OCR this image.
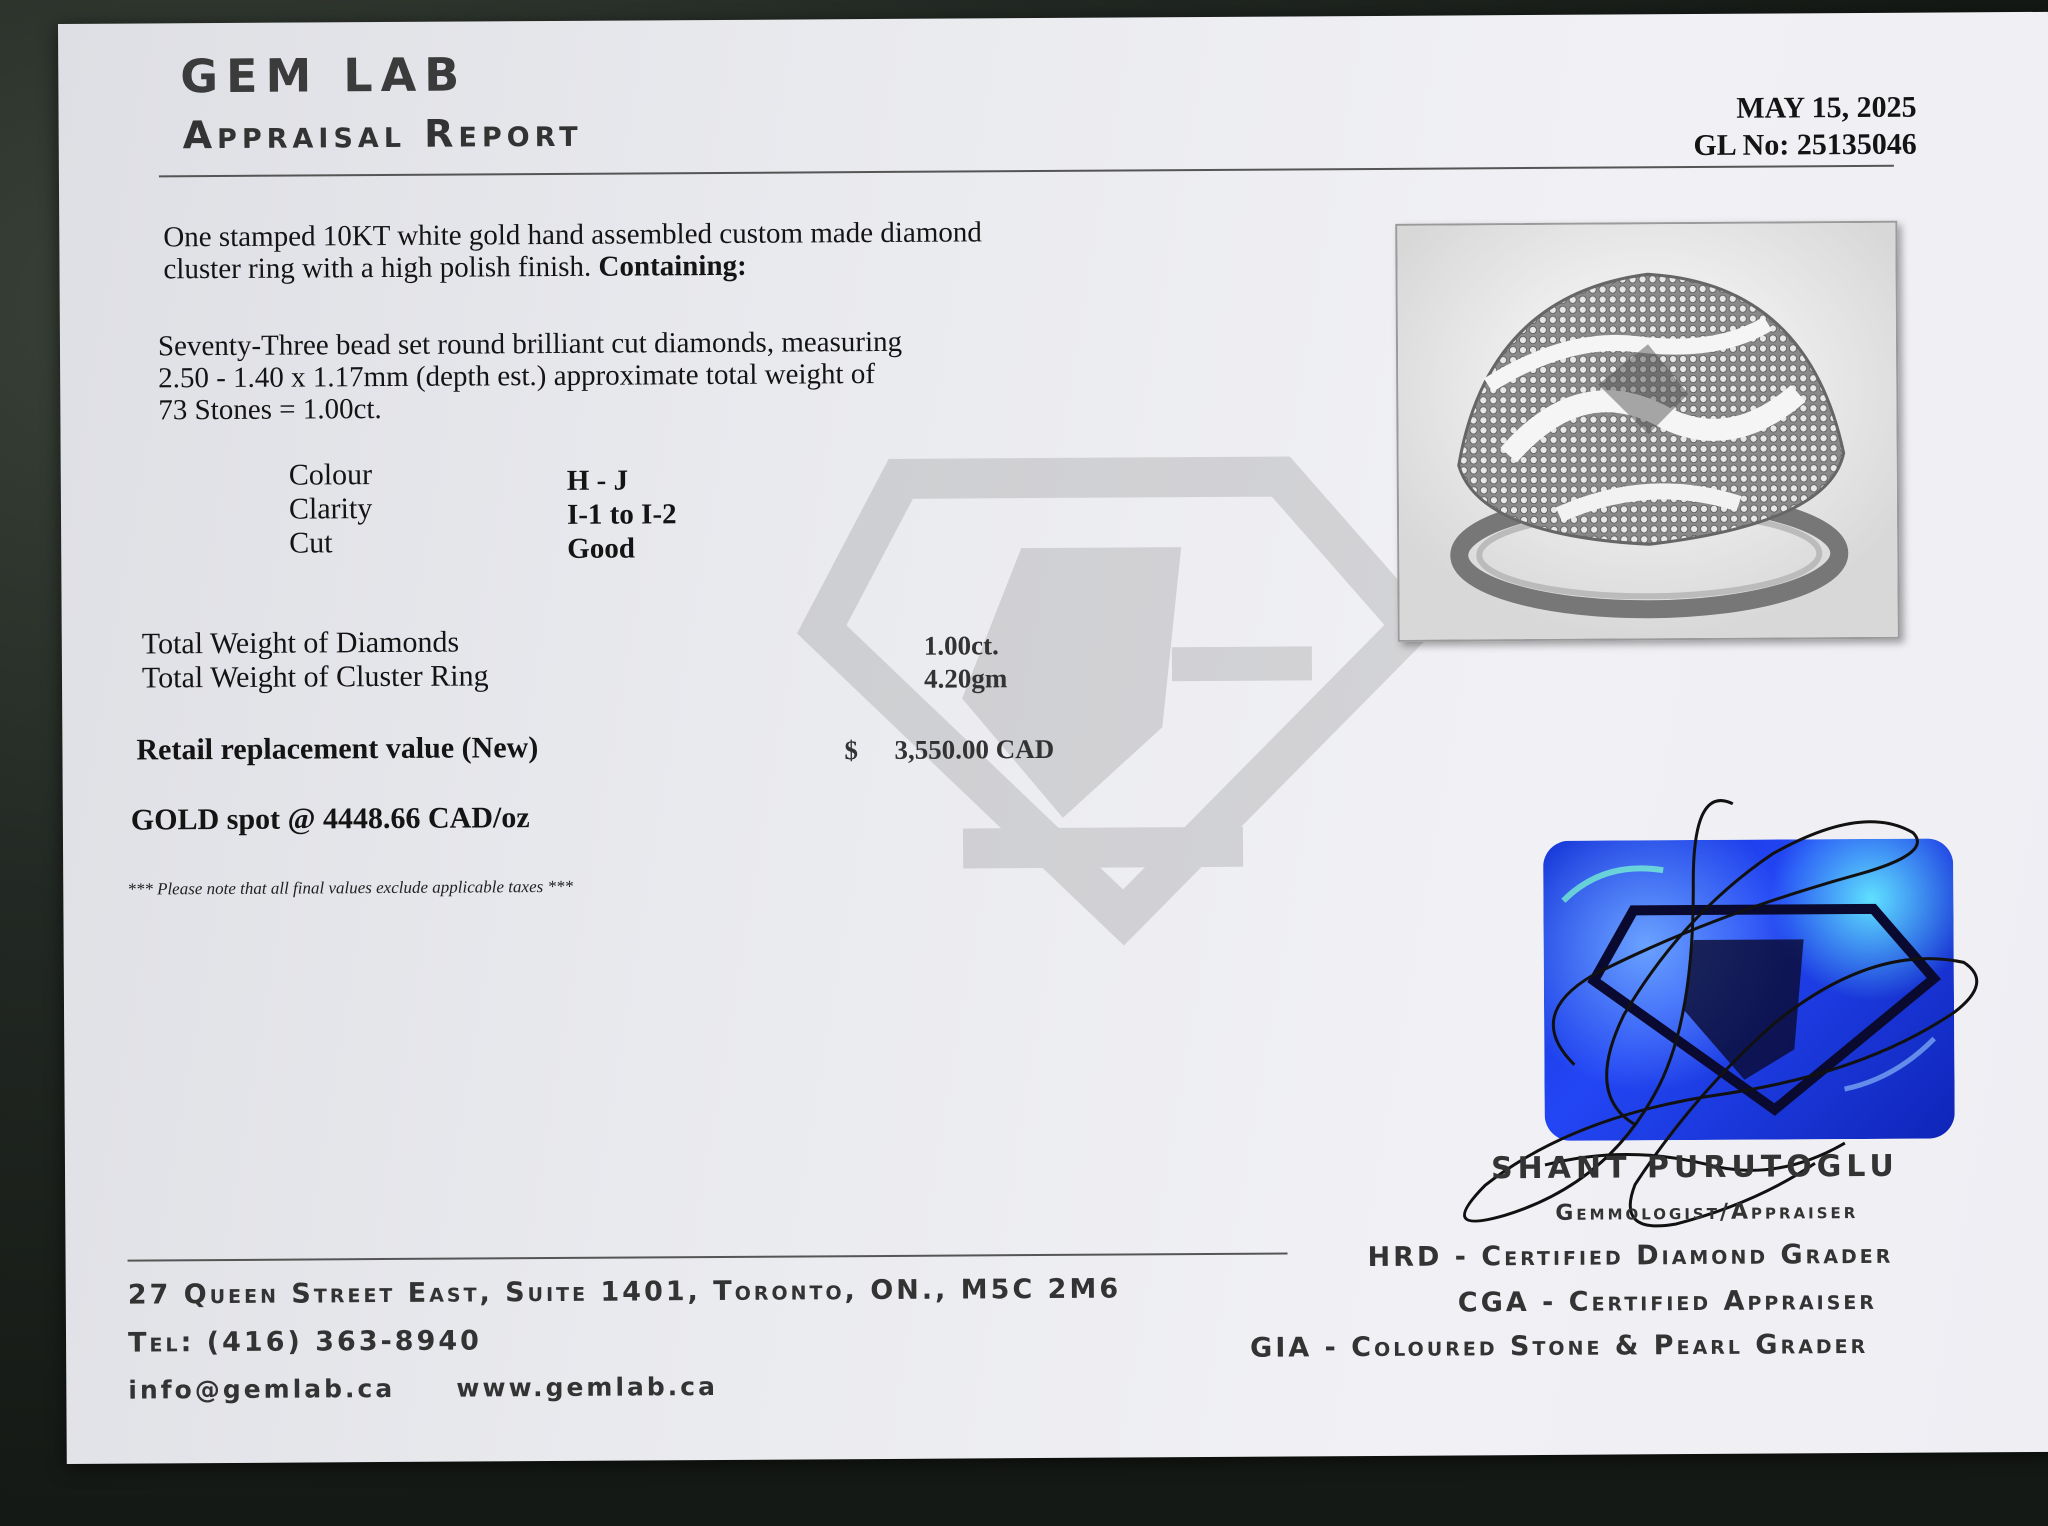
GEM LAB
Appraisal Report
MAY 15, 2025
GL No: 25135046
One stamped 10KT white gold hand assembled custom made diamond
cluster ring with a high polish finish. Containing:
Seventy-Three bead set round brilliant cut diamonds, measuring
2.50 - 1.40 x 1.17mm (depth est.) approximate total weight of
73 Stones = 1.00ct.
Colour
Clarity
Cut
H - J
I-1 to I-2
Good
Total Weight of Diamonds
Total Weight of Cluster Ring
1.00ct.
4.20gm
Retail replacement value (New)	$ 3,550.00 CAD
GOLD spot @ 4448.66 CAD/oz
*** Please note that all final values exclude applicable taxes ***
SHANT PURUTOGLU
Gemmologist/Appraiser
HRD - Certified Diamond Grader
CGA - Certified Appraiser
GIA - Coloured Stone & Pearl Grader
27 Queen Street East, Suite 1401, Toronto, ON., M5C 2M6
Tel: (416) 363-8940
info@gemlab.ca www.gemlab.ca
